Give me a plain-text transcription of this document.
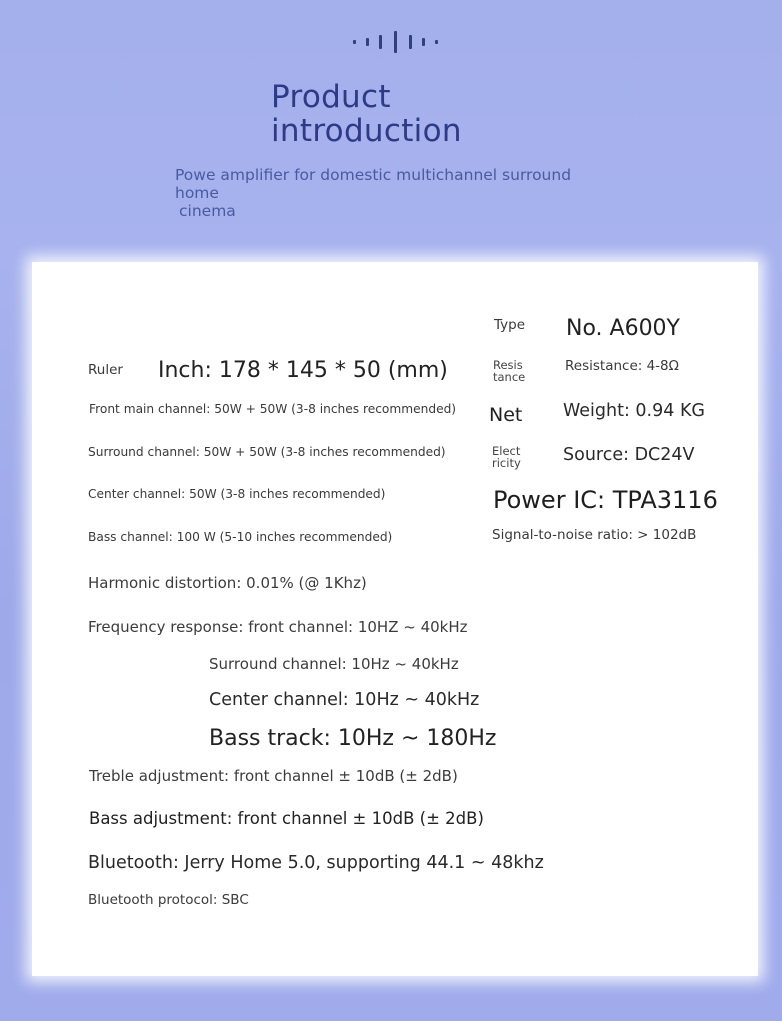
Product
introduction

Powe amplifier for domestic multichannel surround home
cinema

Type No. A600Y
Resis
tance
Resistance: 4-8Ω
Net Weight: 0.94 KG
Elect
ricity Source: DC24V
Power IC: TPA3116
Signal-to-noise ratio: > 102dB
Ruler Inch: 178 * 145 * 50 (mm)
Front main channel: 50W + 50W (3-8 inches recommended)
Surround channel: 50W + 50W (3-8 inches recommended)
Center channel: 50W (3-8 inches recommended)
Bass channel: 100 W (5-10 inches recommended)
Harmonic distortion: 0.01% (@ 1Khz)
Frequency response: front channel: 10HZ ~ 40kHz
Surround channel: 10Hz ~ 40kHz
Center channel: 10Hz ~ 40kHz
Bass track: 10Hz ~ 180Hz
Treble adjustment: front channel ± 10dB (± 2dB)
Bass adjustment: front channel ± 10dB (± 2dB)
Bluetooth: Jerry Home 5.0, supporting 44.1 ~ 48khz
Bluetooth protocol: SBC
